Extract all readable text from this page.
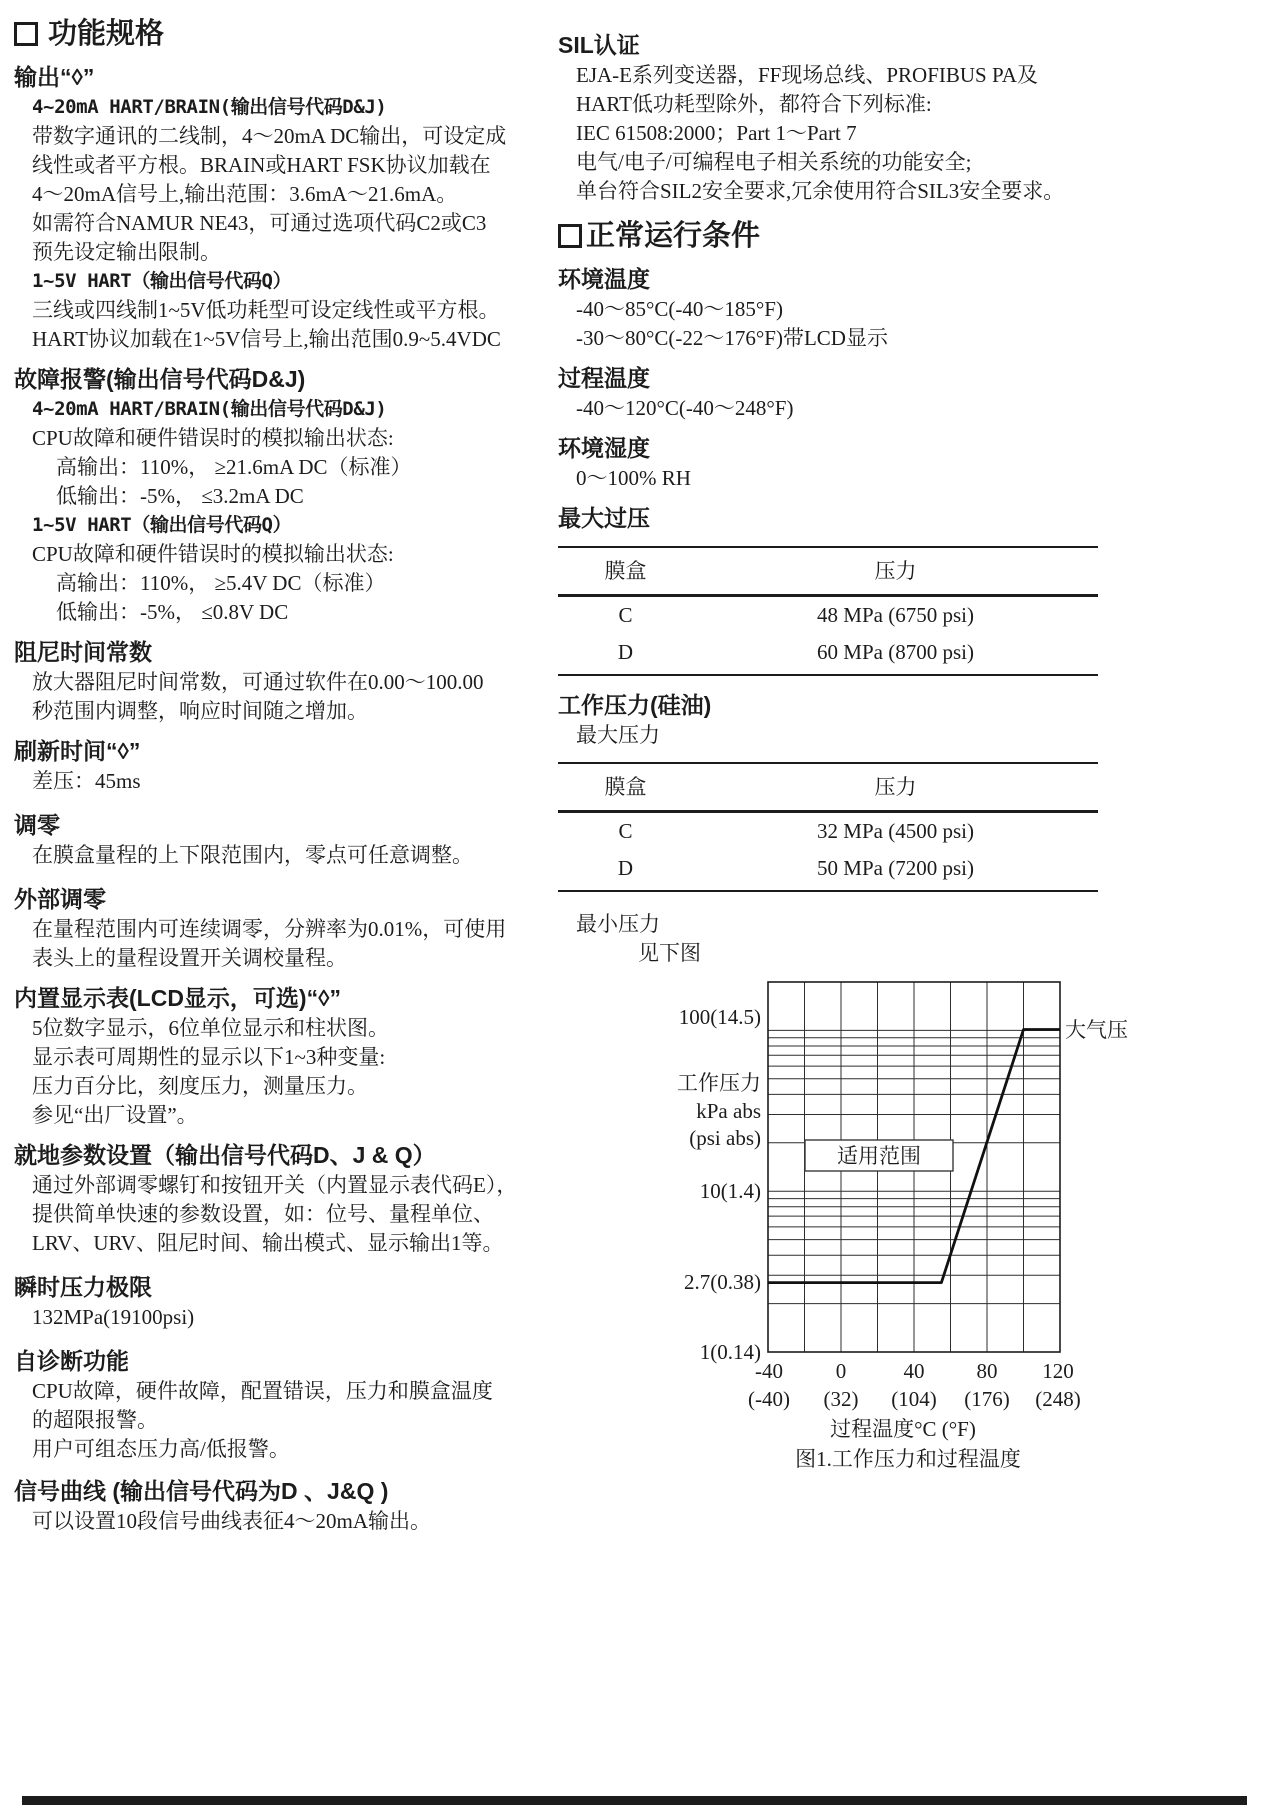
功能规格
输出“◊”
4~20mA HART/BRAIN(输出信号代码D&J)
带数字通讯的二线制，4～20mA DC输出，可设定成
线性或者平方根。BRAIN或HART FSK协议加载在
4～20mA信号上,输出范围：3.6mA～21.6mA。
如需符合NAMUR NE43，可通过选项代码C2或C3
预先设定输出限制。
1~5V HART（输出信号代码Q）
三线或四线制1~5V低功耗型可设定线性或平方根。
HART协议加载在1~5V信号上,输出范围0.9~5.4VDC
故障报警(输出信号代码D&J)
4~20mA HART/BRAIN(输出信号代码D&J)
CPU故障和硬件错误时的模拟输出状态:
高输出：110%， ≥21.6mA DC（标准）
低输出：-5%， ≤3.2mA DC
1~5V HART（输出信号代码Q）
CPU故障和硬件错误时的模拟输出状态:
高输出：110%， ≥5.4V DC（标准）
低输出：-5%， ≤0.8V DC
阻尼时间常数
放大器阻尼时间常数，可通过软件在0.00～100.00
秒范围内调整，响应时间随之增加。
刷新时间“◊”
差压：45ms
调零
在膜盒量程的上下限范围内，零点可任意调整。
外部调零
在量程范围内可连续调零，分辨率为0.01%，可使用
表头上的量程设置开关调校量程。
内置显示表(LCD显示，可选)“◊”
5位数字显示，6位单位显示和柱状图。
显示表可周期性的显示以下1~3种变量:
压力百分比，刻度压力，测量压力。
参见“出厂设置”。
就地参数设置（输出信号代码D、J & Q）
通过外部调零螺钉和按钮开关（内置显示表代码E），
提供简单快速的参数设置，如：位号、量程单位、
LRV、URV、阻尼时间、输出模式、显示输出1等。
瞬时压力极限
132MPa(19100psi)
自诊断功能
CPU故障，硬件故障，配置错误，压力和膜盒温度
的超限报警。
用户可组态压力高/低报警。
信号曲线 (输出信号代码为D 、J&Q )
可以设置10段信号曲线表征4～20mA输出。
SIL认证
EJA-E系列变送器，FF现场总线、PROFIBUS PA及
HART低功耗型除外，都符合下列标准:
IEC 61508:2000；Part 1～Part 7
电气/电子/可编程电子相关系统的功能安全;
单台符合SIL2安全要求,冗余使用符合SIL3安全要求。
正常运行条件
环境温度
-40～85°C(-40～185°F)
-30～80°C(-22～176°F)带LCD显示
过程温度
-40～120°C(-40～248°F)
环境湿度
0～100% RH
最大过压
膜盒	压力
C	48 MPa (6750 psi)
D	60 MPa (8700 psi)
工作压力(硅油)
最大压力
膜盒	压力
C	32 MPa (4500 psi)
D	50 MPa (7200 psi)
最小压力
见下图
适用范围
大气压
100(14.5)
10(1.4)
2.7(0.38)
1(0.14)
工作压力
kPa abs
(psi abs)
-40	0	40 80 120
(-40) (32) (104) (176) (248)
过程温度°C (°F)
图1.工作压力和过程温度
